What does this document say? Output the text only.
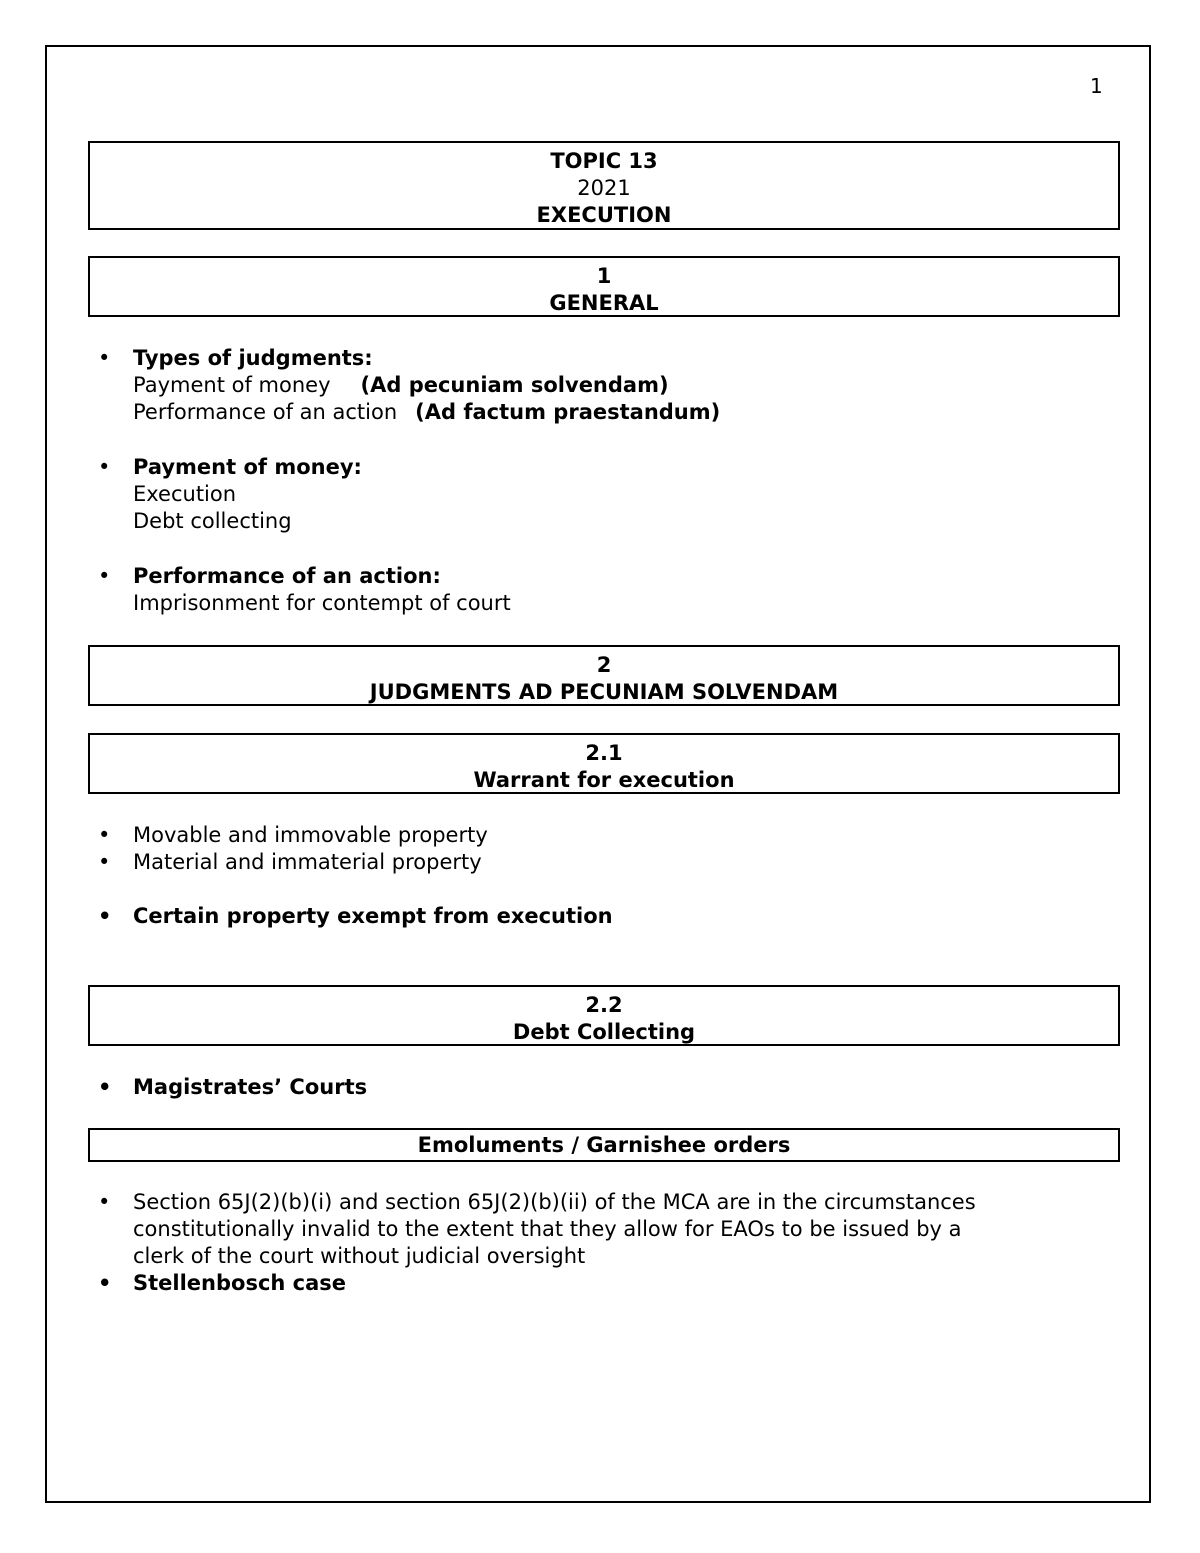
1
TOPIC 13
2021
EXECUTION
1
GENERAL
• Types of judgments:
Payment of money (Ad pecuniam solvendam)
Performance of an action (Ad factum praestandum)
• Payment of money:
Execution
Debt collecting
• Performance of an action:
Imprisonment for contempt of court
2
JUDGMENTS AD PECUNIAM SOLVENDAM
2.1
Warrant for execution
• Movable and immovable property
• Material and immaterial property
• Certain property exempt from execution
2.2
Debt Collecting
• Magistrates’ Courts
Emoluments / Garnishee orders
• Section 65J(2)(b)(i) and section 65J(2)(b)(ii) of the MCA are in the circumstances
constitutionally invalid to the extent that they allow for EAOs to be issued by a
clerk of the court without judicial oversight
• Stellenbosch case
